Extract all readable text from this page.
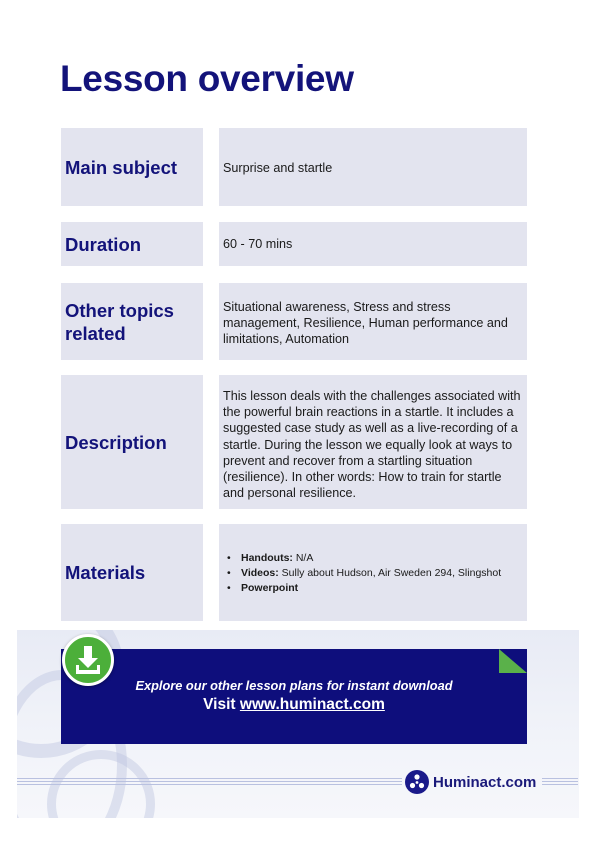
Lesson overview
Main subject	Surprise and startle
Duration	60 - 70 mins
Other topics related
Situational awareness, Stress and stress management, Resilience, Human performance and limitations, Automation
Description
This lesson deals with the challenges associated with the powerful brain reactions in a startle. It includes a suggested case study as well as a live-recording of a startle. During the lesson we equally look at ways to prevent and recover from a startling situation (resilience). In other words: How to train for startle and personal resilience.
Materials
• Handouts: N/A
• Videos: Sully about Hudson, Air Sweden 294, Slingshot
• Powerpoint
Explore our other lesson plans for instant download
Visit www.huminact.com
Huminact.com
